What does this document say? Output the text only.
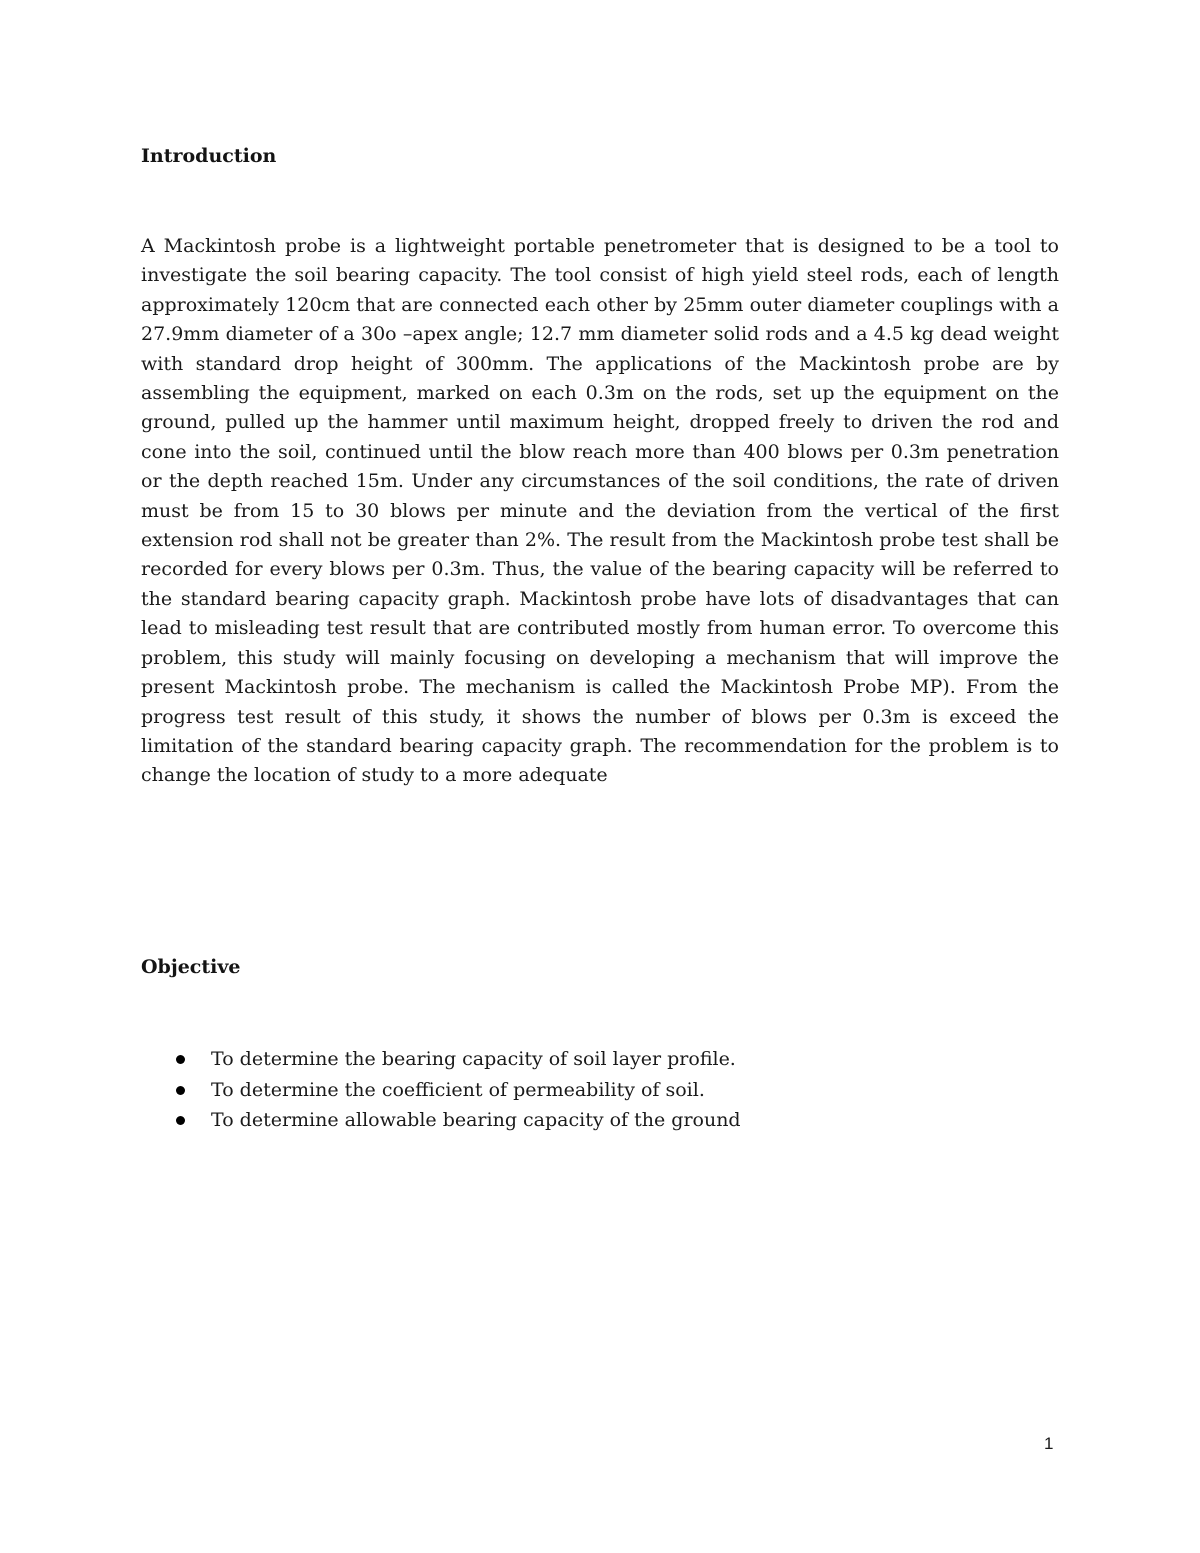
Introduction

A Mackintosh probe is a lightweight portable penetrometer that is designed to be a tool to investigate the soil bearing capacity. The tool consist of high yield steel rods, each of length approximately 120cm that are connected each other by 25mm outer diameter couplings with a 27.9mm diameter of a 30o –apex angle; 12.7 mm diameter solid rods and a 4.5 kg dead weight with standard drop height of 300mm. The applications of the Mackintosh probe are by assembling the equipment, marked on each 0.3m on the rods, set up the equipment on the ground, pulled up the hammer until maximum height, dropped freely to driven the rod and cone into the soil, continued until the blow reach more than 400 blows per 0.3m penetration or the depth reached 15m. Under any circumstances of the soil conditions, the rate of driven must be from 15 to 30 blows per minute and the deviation from the vertical of the first extension rod shall not be greater than 2%. The result from the Mackintosh probe test shall be recorded for every blows per 0.3m. Thus, the value of the bearing capacity will be referred to the standard bearing capacity graph. Mackintosh probe have lots of disadvantages that can lead to misleading test result that are contributed mostly from human error. To overcome this problem, this study will mainly focusing on developing a mechanism that will improve the present Mackintosh probe. The mechanism is called the Mackintosh Probe MP). From the progress test result of this study, it shows the number of blows per 0.3m is exceed the limitation of the standard bearing capacity graph. The recommendation for the problem is to change the location of study to a more adequate

Objective
To determine the bearing capacity of soil layer profile.
To determine the coefficient of permeability of soil.
To determine allowable bearing capacity of the ground
1
